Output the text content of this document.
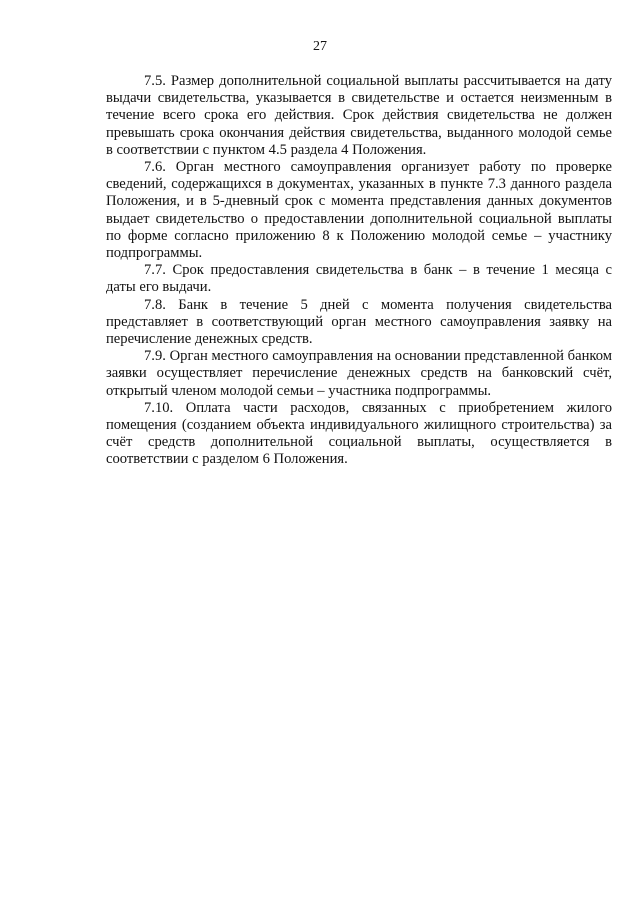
27

7.5. Размер дополнительной социальной выплаты рассчитывается на дату выдачи свидетельства, указывается в свидетельстве и остается неизменным в течение всего срока его действия. Срок действия свидетельства не должен превышать срока окончания действия свидетельства, выданного молодой семье в соответствии с пунктом 4.5 раздела 4 Положения.

7.6. Орган местного самоуправления организует работу по проверке сведений, содержащихся в документах, указанных в пункте 7.3 данного раздела Положения, и в 5-дневный срок с момента представления данных документов выдает свидетельство о предоставлении дополнительной социальной выплаты по форме согласно приложению 8 к Положению молодой семье – участнику подпрограммы.

7.7. Срок предоставления свидетельства в банк – в течение 1 месяца с даты его выдачи.

7.8. Банк в течение 5 дней с момента получения свидетельства представляет в соответствующий орган местного самоуправления заявку на перечисление денежных средств.

7.9. Орган местного самоуправления на основании представленной банком заявки осуществляет перечисление денежных средств на банковский счёт, открытый членом молодой семьи – участника подпрограммы.

7.10. Оплата части расходов, связанных с приобретением жилого помещения (созданием объекта индивидуального жилищного строительства) за счёт средств дополнительной социальной выплаты, осуществляется в соответствии с разделом 6 Положения.
